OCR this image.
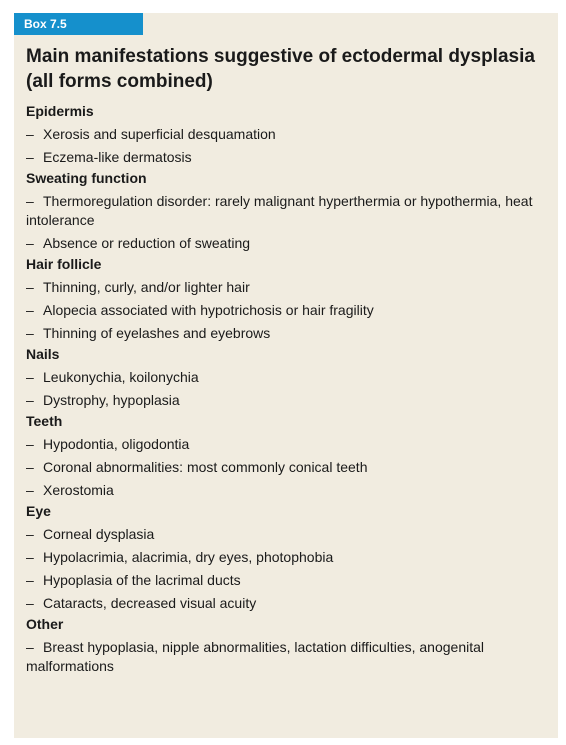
Box 7.5
Main manifestations suggestive of ectodermal dysplasia (all forms combined)
Epidermis
– Xerosis and superficial desquamation
– Eczema-like dermatosis
Sweating function
– Thermoregulation disorder: rarely malignant hyperthermia or hypothermia, heat intolerance
– Absence or reduction of sweating
Hair follicle
– Thinning, curly, and/or lighter hair
– Alopecia associated with hypotrichosis or hair fragility
– Thinning of eyelashes and eyebrows
Nails
– Leukonychia, koilonychia
– Dystrophy, hypoplasia
Teeth
– Hypodontia, oligodontia
– Coronal abnormalities: most commonly conical teeth
– Xerostomia
Eye
– Corneal dysplasia
– Hypolacrimia, alacrimia, dry eyes, photophobia
– Hypoplasia of the lacrimal ducts
– Cataracts, decreased visual acuity
Other
– Breast hypoplasia, nipple abnormalities, lactation difficulties, anogenital malformations
